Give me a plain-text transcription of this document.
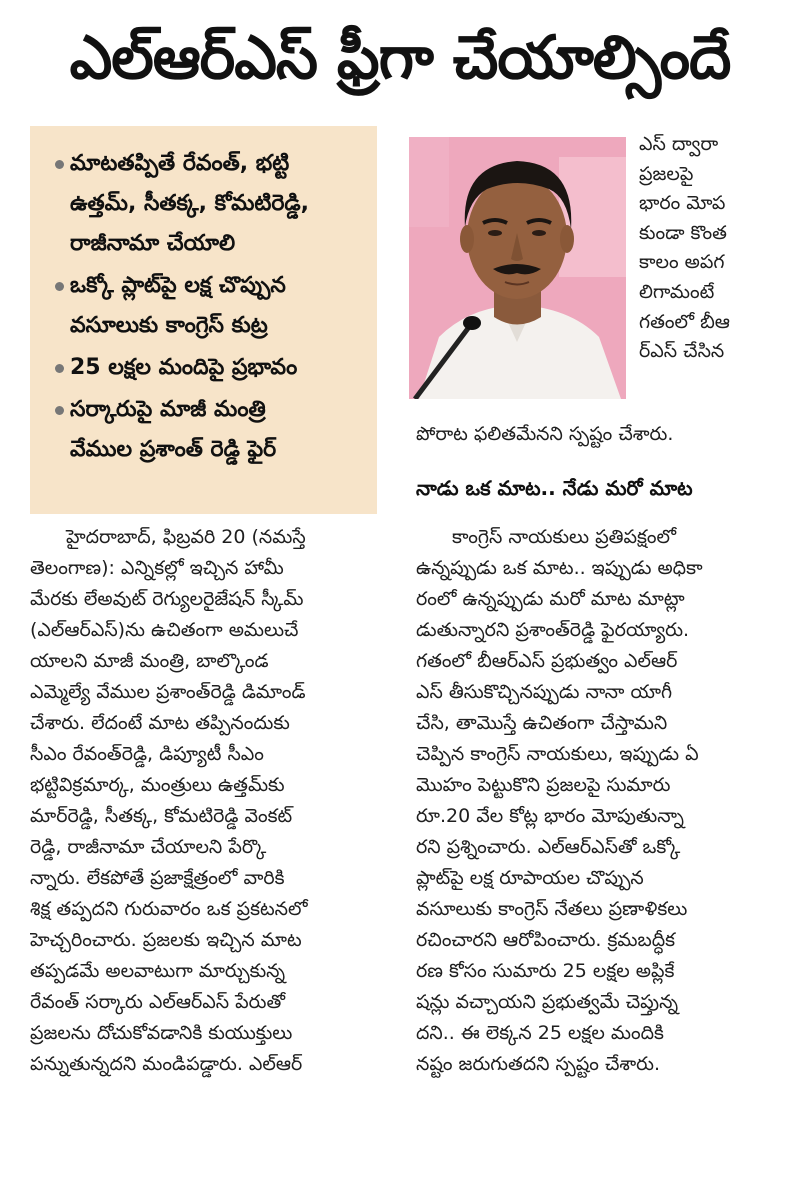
ఎల్ఆర్ఎస్ ఫ్రీగా చేయాల్సిందే
మాటతప్పితే రేవంత్, భట్టి
ఉత్తమ్, సీతక్క, కోమటిరెడ్డి,
రాజీనామా చేయాలి
ఒక్కో ప్లాట్‌పై లక్ష చొప్పున
వసూలుకు కాంగ్రెస్ కుట్ర
25 లక్షల మందిపై ప్రభావం
సర్కారుపై మాజీ మంత్రి
వేముల ప్రశాంత్ రెడ్డి ఫైర్
ఎస్ ద్వారా
ప్రజలపై
భారం మోప
కుండా కొంత
కాలం అపగ
లిగామంటే
గతంలో బీఆ
ర్ఎస్ చేసిన
పోరాట ఫలితమేనని స్పష్టం చేశారు.
నాడు ఒక మాట.. నేడు మరో మాట
హైదరాబాద్, ఫిబ్రవరి 20 (నమస్తే
తెలంగాణ): ఎన్నికల్లో ఇచ్చిన హామీ
మేరకు లేఅవుట్ రెగ్యులరైజేషన్ స్కీమ్
(ఎల్ఆర్ఎస్)ను ఉచితంగా అమలుచే
యాలని మాజీ మంత్రి, బాల్కొండ
ఎమ్మెల్యే వేముల ప్రశాంత్‌రెడ్డి డిమాండ్
చేశారు. లేదంటే మాట తప్పినందుకు
సీఎం రేవంత్‌రెడ్డి, డిప్యూటీ సీఎం
భట్టివిక్రమార్క, మంత్రులు ఉత్తమ్‌కు
మార్‌రెడ్డి, సీతక్క, కోమటిరెడ్డి వెంకట్
రెడ్డి, రాజీనామా చేయాలని పేర్కొ
న్నారు. లేకపోతే ప్రజాక్షేత్రంలో వారికి
శిక్ష తప్పదని గురువారం ఒక ప్రకటనలో
హెచ్చరించారు. ప్రజలకు ఇచ్చిన మాట
తప్పడమే అలవాటుగా మార్చుకున్న
రేవంత్ సర్కారు ఎల్ఆర్ఎస్ పేరుతో
ప్రజలను దోచుకోవడానికి కుయుక్తులు
పన్నుతున్నదని మండిపడ్డారు. ఎల్ఆర్
కాంగ్రెస్ నాయకులు ప్రతిపక్షంలో
ఉన్నప్పుడు ఒక మాట.. ఇప్పుడు అధికా
రంలో ఉన్నప్పుడు మరో మాట మాట్లా
డుతున్నారని ప్రశాంత్‌రెడ్డి ఫైరయ్యారు.
గతంలో బీఆర్ఎస్ ప్రభుత్వం ఎల్ఆర్
ఎస్ తీసుకొచ్చినప్పుడు నానా యాగీ
చేసి, తామొస్తే ఉచితంగా చేస్తామని
చెప్పిన కాంగ్రెస్ నాయకులు, ఇప్పుడు ఏ
మొహం పెట్టుకొని ప్రజలపై సుమారు
రూ.20 వేల కోట్ల భారం మోపుతున్నా
రని ప్రశ్నించారు. ఎల్ఆర్ఎస్‌తో ఒక్కో
ప్లాట్‌పై లక్ష రూపాయల చొప్పున
వసూలుకు కాంగ్రెస్ నేతలు ప్రణాళికలు
రచించారని ఆరోపించారు. క్రమబద్ధీక
రణ కోసం సుమారు 25 లక్షల అప్లికే
షన్లు వచ్చాయని ప్రభుత్వమే చెప్తున్న
దని.. ఈ లెక్కన 25 లక్షల మందికి
నష్టం జరుగుతదని స్పష్టం చేశారు.
